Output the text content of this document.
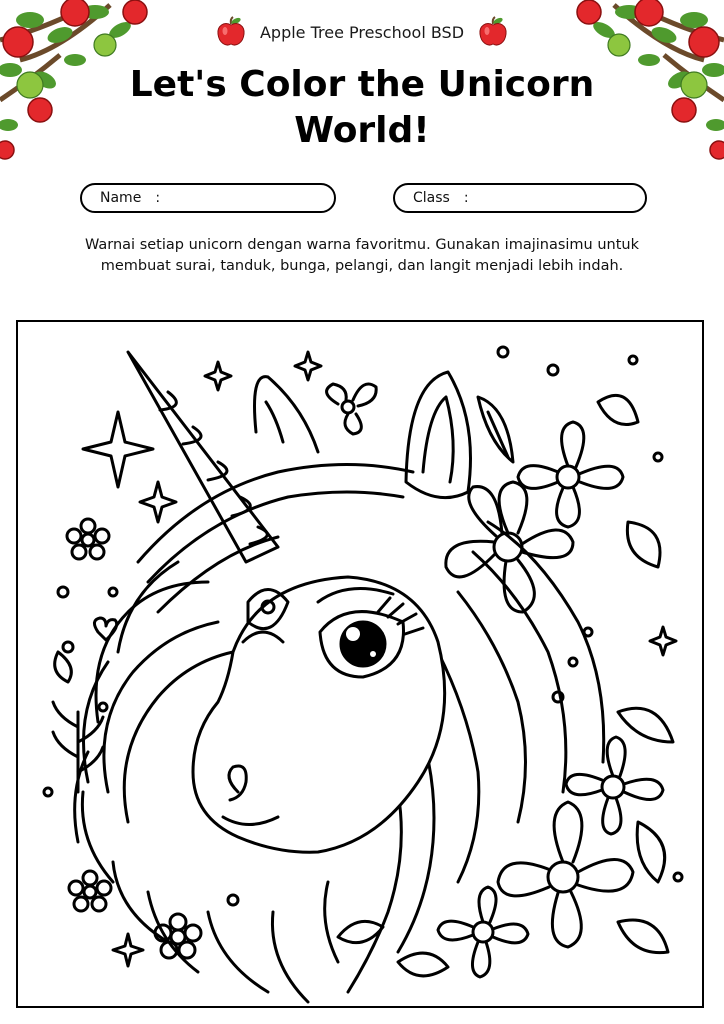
Apple Tree Preschool BSD
Let's Color the Unicorn
World!
Name :	Class :
Warnai setiap unicorn dengan warna favoritmu. Gunakan imajinasimu untuk
membuat surai, tanduk, bunga, pelangi, dan langit menjadi lebih indah.
